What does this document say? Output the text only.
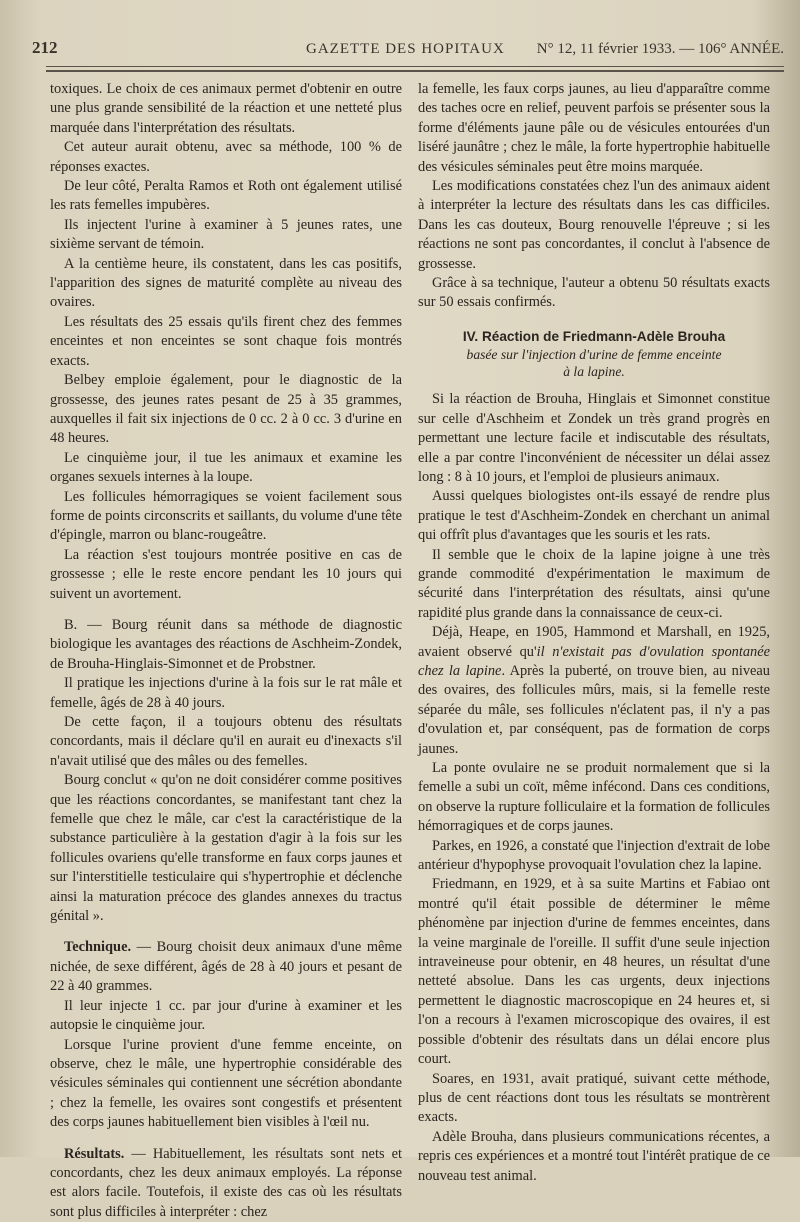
212	GAZETTE DES HOPITAUX N° 12, 11 février 1933. — 106° ANNÉE.

toxiques. Le choix de ces animaux permet d'obtenir en outre une plus grande sensibilité de la réaction et une netteté plus marquée dans l'interprétation des résultats.

Cet auteur aurait obtenu, avec sa méthode, 100 % de réponses exactes.

De leur côté, Peralta Ramos et Roth ont également utilisé les rats femelles impubères.

Ils injectent l'urine à examiner à 5 jeunes rates, une sixième servant de témoin.

A la centième heure, ils constatent, dans les cas positifs, l'apparition des signes de maturité complète au niveau des ovaires.

Les résultats des 25 essais qu'ils firent chez des femmes enceintes et non enceintes se sont chaque fois montrés exacts.

Belbey emploie également, pour le diagnostic de la grossesse, des jeunes rates pesant de 25 à 35 grammes, auxquelles il fait six injections de 0 cc. 2 à 0 cc. 3 d'urine en 48 heures.

Le cinquième jour, il tue les animaux et examine les organes sexuels internes à la loupe.

Les follicules hémorragiques se voient facilement sous forme de points circonscrits et saillants, du volume d'une tête d'épingle, marron ou blanc-rougeâtre.

La réaction s'est toujours montrée positive en cas de grossesse ; elle le reste encore pendant les 10 jours qui suivent un avortement.

B. — Bourg réunit dans sa méthode de diagnostic biologique les avantages des réactions de Aschheim-Zondek, de Brouha-Hinglais-Simonnet et de Probstner.

Il pratique les injections d'urine à la fois sur le rat mâle et femelle, âgés de 28 à 40 jours.

De cette façon, il a toujours obtenu des résultats concordants, mais il déclare qu'il en aurait eu d'inexacts s'il n'avait utilisé que des mâles ou des femelles.

Bourg conclut « qu'on ne doit considérer comme positives que les réactions concordantes, se manifestant tant chez la femelle que chez le mâle, car c'est la caractéristique de la substance particulière à la gestation d'agir à la fois sur les follicules ovariens qu'elle transforme en faux corps jaunes et sur l'interstitielle testiculaire qui s'hypertrophie et déclenche ainsi la maturation précoce des glandes annexes du tractus génital ».

Technique. — Bourg choisit deux animaux d'une même nichée, de sexe différent, âgés de 28 à 40 jours et pesant de 22 à 40 grammes.

Il leur injecte 1 cc. par jour d'urine à examiner et les autopsie le cinquième jour.

Lorsque l'urine provient d'une femme enceinte, on observe, chez le mâle, une hypertrophie considérable des vésicules séminales qui contiennent une sécrétion abondante ; chez la femelle, les ovaires sont congestifs et présentent des corps jaunes habituellement bien visibles à l'œil nu.

Résultats. — Habituellement, les résultats sont nets et concordants, chez les deux animaux employés. La réponse est alors facile. Toutefois, il existe des cas où les résultats sont plus difficiles à interpréter : chez

la femelle, les faux corps jaunes, au lieu d'apparaître comme des taches ocre en relief, peuvent parfois se présenter sous la forme d'éléments jaune pâle ou de vésicules entourées d'un liséré jaunâtre ; chez le mâle, la forte hypertrophie habituelle des vésicules séminales peut être moins marquée.

Les modifications constatées chez l'un des animaux aident à interpréter la lecture des résultats dans les cas difficiles. Dans les cas douteux, Bourg renouvelle l'épreuve ; si les réactions ne sont pas concordantes, il conclut à l'absence de grossesse.

Grâce à sa technique, l'auteur a obtenu 50 résultats exacts sur 50 essais confirmés.

IV. Réaction de Friedmann-Adèle Brouha
basée sur l'injection d'urine de femme enceinte
à la lapine.

Si la réaction de Brouha, Hinglais et Simonnet constitue sur celle d'Aschheim et Zondek un très grand progrès en permettant une lecture facile et indiscutable des résultats, elle a par contre l'inconvénient de nécessiter un délai assez long : 8 à 10 jours, et l'emploi de plusieurs animaux.

Aussi quelques biologistes ont-ils essayé de rendre plus pratique le test d'Aschheim-Zondek en cherchant un animal qui offrît plus d'avantages que les souris et les rats.

Il semble que le choix de la lapine joigne à une très grande commodité d'expérimentation le maximum de sécurité dans l'interprétation des résultats, ainsi qu'une rapidité plus grande dans la connaissance de ceux-ci.

Déjà, Heape, en 1905, Hammond et Marshall, en 1925, avaient observé qu'il n'existait pas d'ovulation spontanée chez la lapine. Après la puberté, on trouve bien, au niveau des ovaires, des follicules mûrs, mais, si la femelle reste séparée du mâle, ses follicules n'éclatent pas, il n'y a pas d'ovulation et, par conséquent, pas de formation de corps jaunes.

La ponte ovulaire ne se produit normalement que si la femelle a subi un coït, même infécond. Dans ces conditions, on observe la rupture folliculaire et la formation de follicules hémorragiques et de corps jaunes.

Parkes, en 1926, a constaté que l'injection d'extrait de lobe antérieur d'hypophyse provoquait l'ovulation chez la lapine.

Friedmann, en 1929, et à sa suite Martins et Fabiao ont montré qu'il était possible de déterminer le même phénomène par injection d'urine de femmes enceintes, dans la veine marginale de l'oreille. Il suffit d'une seule injection intraveineuse pour obtenir, en 48 heures, un résultat d'une netteté absolue. Dans les cas urgents, deux injections permettent le diagnostic macroscopique en 24 heures et, si l'on a recours à l'examen microscopique des ovaires, il est possible d'obtenir des résultats dans un délai encore plus court.

Soares, en 1931, avait pratiqué, suivant cette méthode, plus de cent réactions dont tous les résultats se montrèrent exacts.

Adèle Brouha, dans plusieurs communications récentes, a repris ces expériences et a montré tout l'intérêt pratique de ce nouveau test animal.
